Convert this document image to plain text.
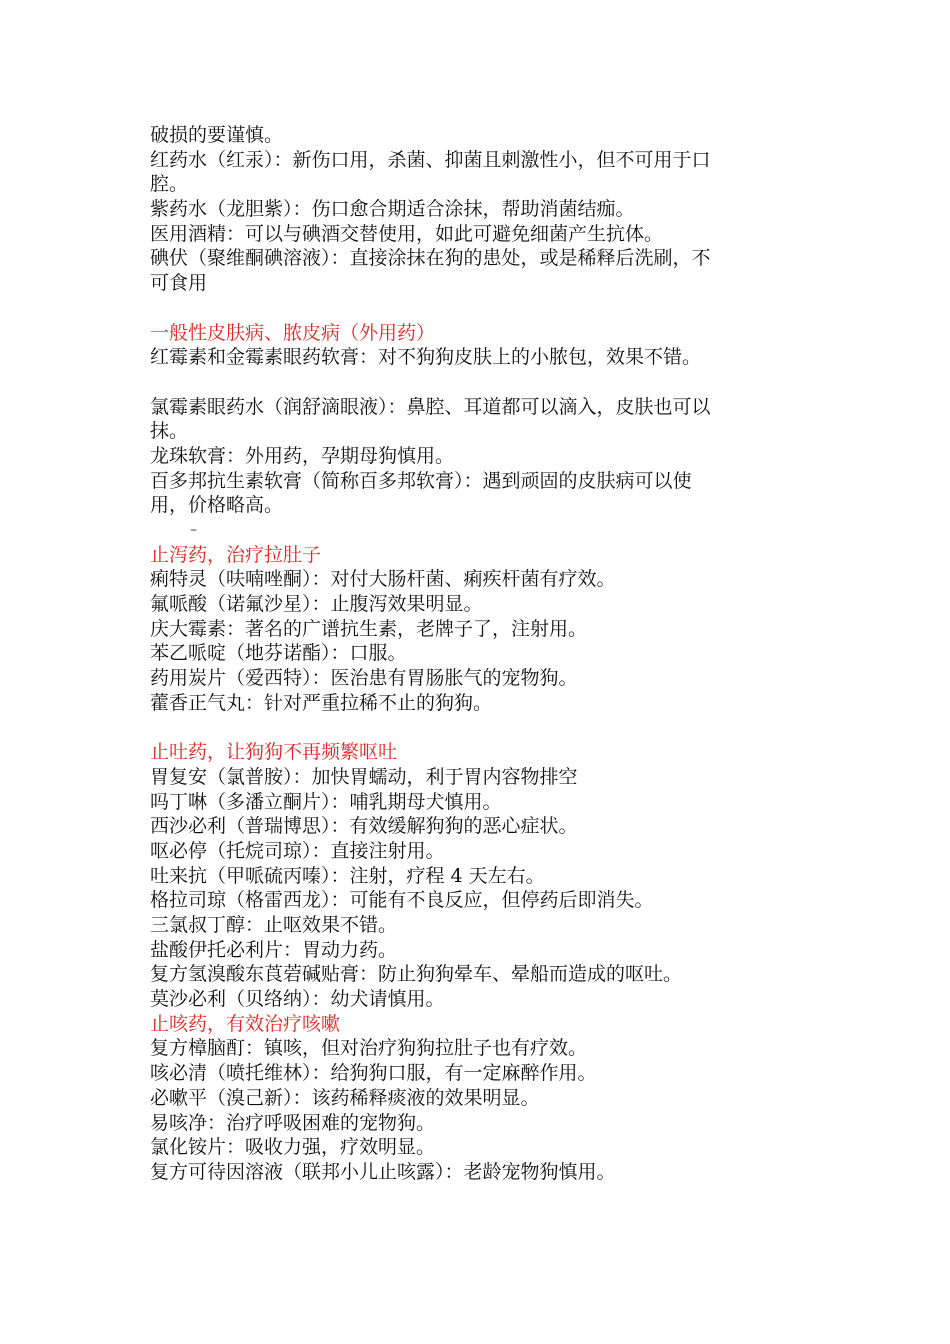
破损的要谨慎。
红药水（红汞）：新伤口用，杀菌、抑菌且刺激性小，但不可用于口
腔。
紫药水（龙胆紫）：伤口愈合期适合涂抹，帮助消菌结痂。
医用酒精：可以与碘酒交替使用，如此可避免细菌产生抗体。
碘伏（聚维酮碘溶液）：直接涂抹在狗的患处，或是稀释后洗刷，不
可食用
一般性皮肤病、脓皮病（外用药）
红霉素和金霉素眼药软膏：对不狗狗皮肤上的小脓包，效果不错。
氯霉素眼药水（润舒滴眼液）：鼻腔、耳道都可以滴入，皮肤也可以
抹。
龙珠软膏：外用药，孕期母狗慎用。
百多邦抗生素软膏（简称百多邦软膏）：遇到顽固的皮肤病可以使
用，价格略高。
–
止泻药，治疗拉肚子
痢特灵（呋喃唑酮）：对付大肠杆菌、痢疾杆菌有疗效。
氟哌酸（诺氟沙星）：止腹泻效果明显。
庆大霉素：著名的广谱抗生素，老牌子了，注射用。
苯乙哌啶（地芬诺酯）：口服。
药用炭片（爱西特）：医治患有胃肠胀气的宠物狗。
藿香正气丸：针对严重拉稀不止的狗狗。
止吐药，让狗狗不再频繁呕吐
胃复安（氯普胺）：加快胃蠕动，利于胃内容物排空
吗丁啉（多潘立酮片）：哺乳期母犬慎用。
西沙必利（普瑞博思）：有效缓解狗狗的恶心症状。
呕必停（托烷司琼）：直接注射用。
吐来抗（甲哌硫丙嗪）：注射，疗程 4 天左右。
格拉司琼（格雷西龙）：可能有不良反应，但停药后即消失。
三氯叔丁醇：止呕效果不错。
盐酸伊托必利片：胃动力药。
复方氢溴酸东莨菪碱贴膏：防止狗狗晕车、晕船而造成的呕吐。
莫沙必利（贝络纳）：幼犬请慎用。
止咳药，有效治疗咳嗽
复方樟脑酊：镇咳，但对治疗狗狗拉肚子也有疗效。
咳必清（喷托维林）：给狗狗口服，有一定麻醉作用。
必嗽平（溴己新）：该药稀释痰液的效果明显。
易咳净：治疗呼吸困难的宠物狗。
氯化铵片：吸收力强，疗效明显。
复方可待因溶液（联邦小儿止咳露）：老龄宠物狗慎用。
